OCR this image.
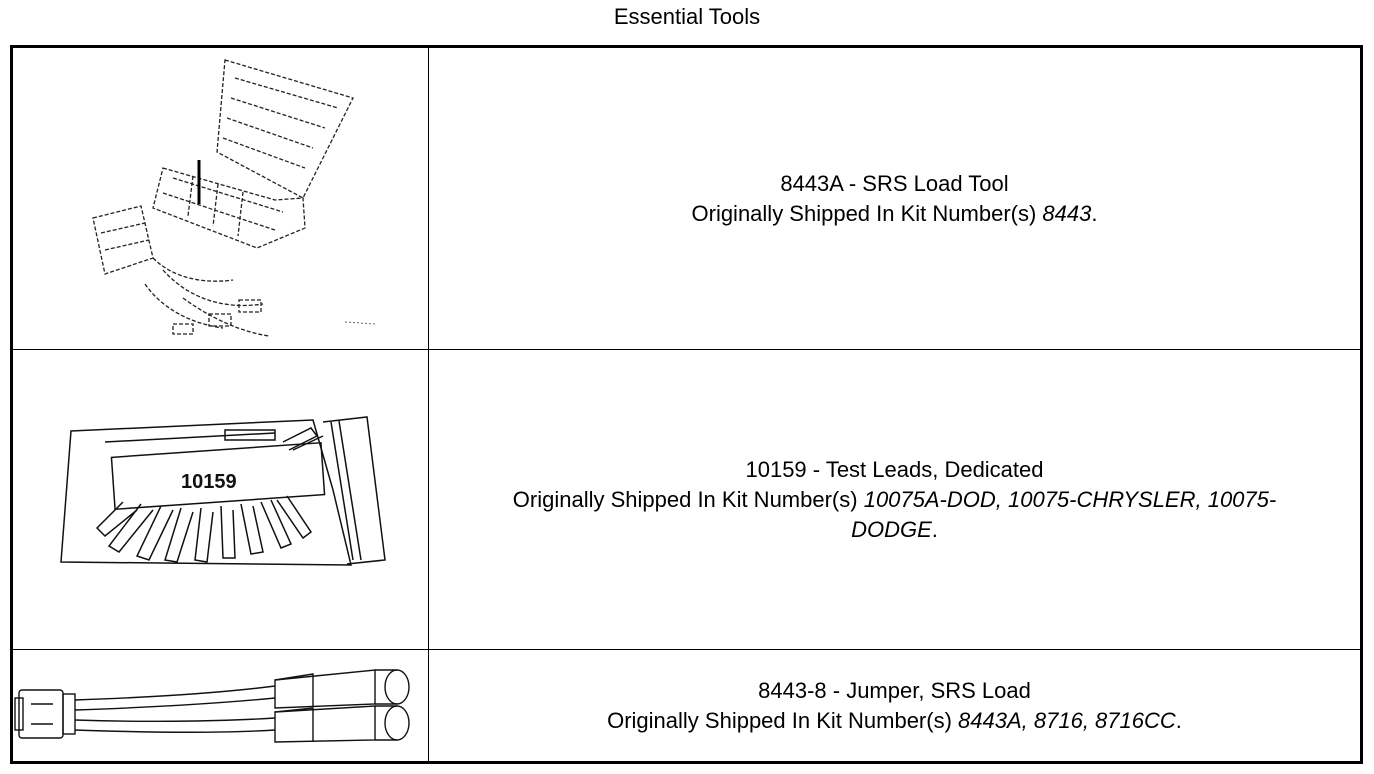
Essential Tools
8443A - SRS Load Tool
Originally Shipped In Kit Number(s) 8443.
10159
10159 - Test Leads, Dedicated
Originally Shipped In Kit Number(s) 10075A-DOD, 10075-CHRYSLER, 10075-DODGE.
8443-8 - Jumper, SRS Load
Originally Shipped In Kit Number(s) 8443A, 8716, 8716CC.
